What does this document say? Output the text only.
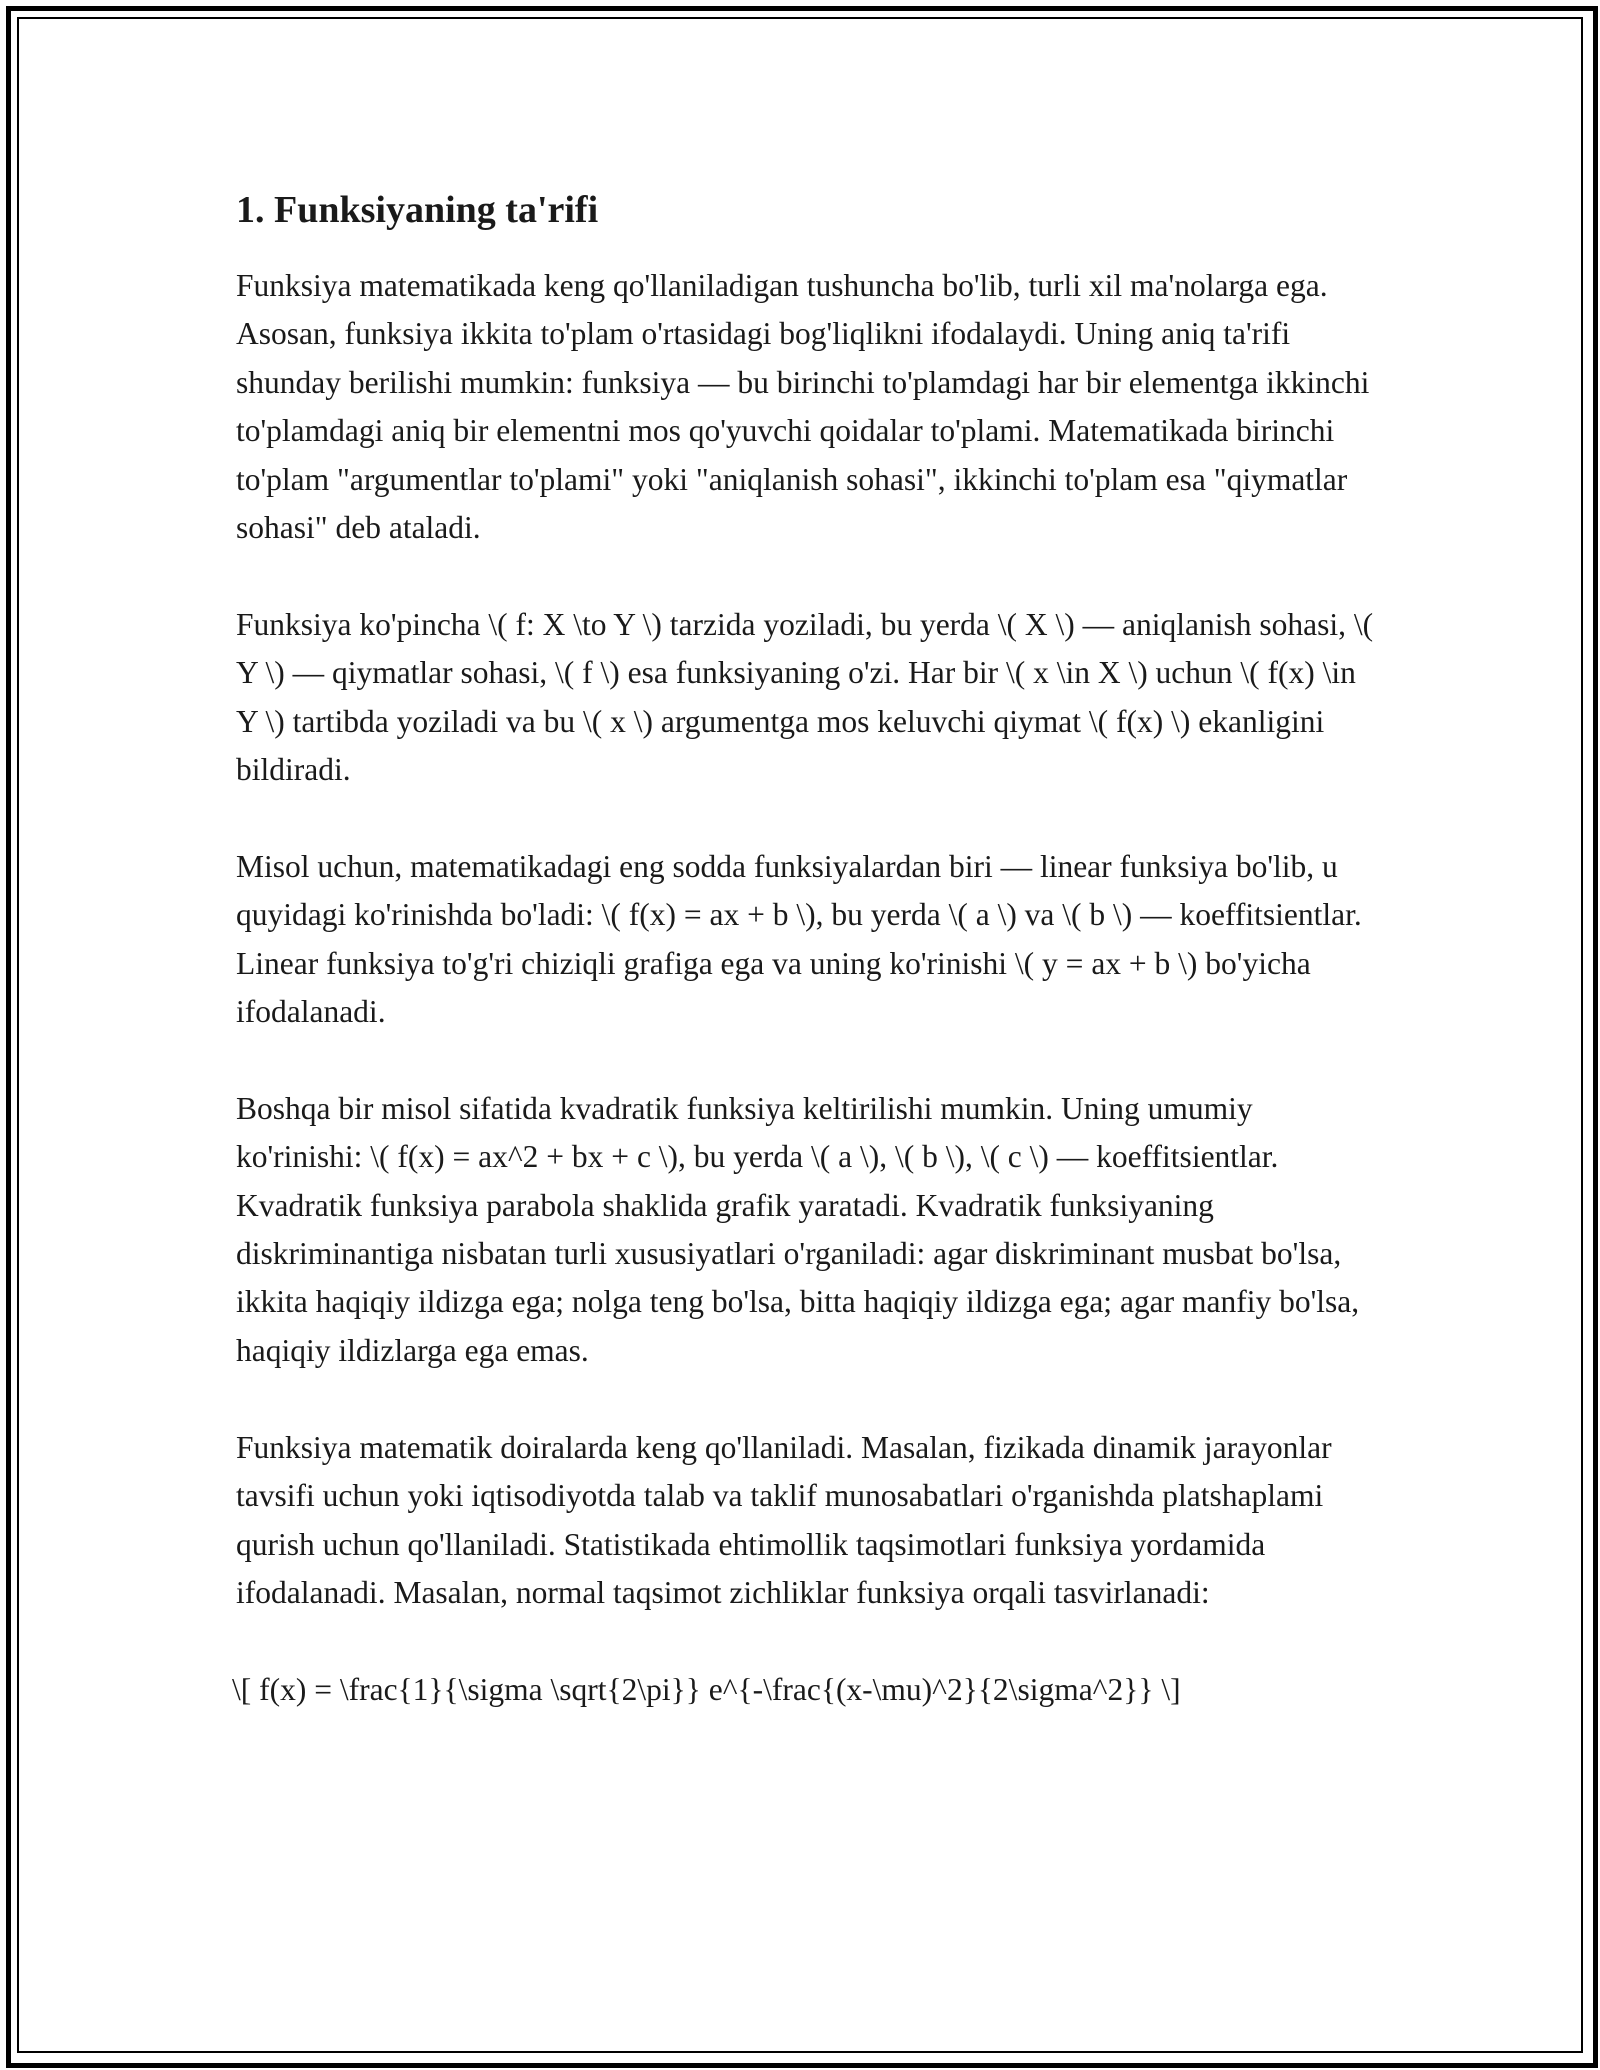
1. Funksiyaning ta'rifi

Funksiya matematikada keng qo'llaniladigan tushuncha bo'lib, turli xil ma'nolarga ega. Asosan, funksiya ikkita to'plam o'rtasidagi bog'liqlikni ifodalaydi. Uning aniq ta'rifi shunday berilishi mumkin: funksiya — bu birinchi to'plamdagi har bir elementga ikkinchi to'plamdagi aniq bir elementni mos qo'yuvchi qoidalar to'plami. Matematikada birinchi to'plam "argumentlar to'plami" yoki "aniqlanish sohasi", ikkinchi to'plam esa "qiymatlar sohasi" deb ataladi.

Funksiya ko'pincha \( f: X \to Y \) tarzida yoziladi, bu yerda \( X \) — aniqlanish sohasi, \( Y \) — qiymatlar sohasi, \( f \) esa funksiyaning o'zi. Har bir \( x \in X \) uchun \( f(x) \in Y \) tartibda yoziladi va bu \( x \) argumentga mos keluvchi qiymat \( f(x) \) ekanligini bildiradi.

Misol uchun, matematikadagi eng sodda funksiyalardan biri — linear funksiya bo'lib, u quyidagi ko'rinishda bo'ladi: \( f(x) = ax + b \), bu yerda \( a \) va \( b \) — koeffitsientlar. Linear funksiya to'g'ri chiziqli grafiga ega va uning ko'rinishi \( y = ax + b \) bo'yicha ifodalanadi.

Boshqa bir misol sifatida kvadratik funksiya keltirilishi mumkin. Uning umumiy ko'rinishi: \( f(x) = ax^2 + bx + c \), bu yerda \( a \), \( b \), \( c \) — koeffitsientlar. Kvadratik funksiya parabola shaklida grafik yaratadi. Kvadratik funksiyaning diskriminantiga nisbatan turli xususiyatlari o'rganiladi: agar diskriminant musbat bo'lsa, ikkita haqiqiy ildizga ega; nolga teng bo'lsa, bitta haqiqiy ildizga ega; agar manfiy bo'lsa, haqiqiy ildizlarga ega emas.

Funksiya matematik doiralarda keng qo'llaniladi. Masalan, fizikada dinamik jarayonlar tavsifi uchun yoki iqtisodiyotda talab va taklif munosabatlari o'rganishda platshaplami qurish uchun qo'llaniladi. Statistikada ehtimollik taqsimotlari funksiya yordamida ifodalanadi. Masalan, normal taqsimot zichliklar funksiya orqali tasvirlanadi:

\[ f(x) = \frac{1}{\sigma \sqrt{2\pi}} e^{-\frac{(x-\mu)^2}{2\sigma^2}} \]
